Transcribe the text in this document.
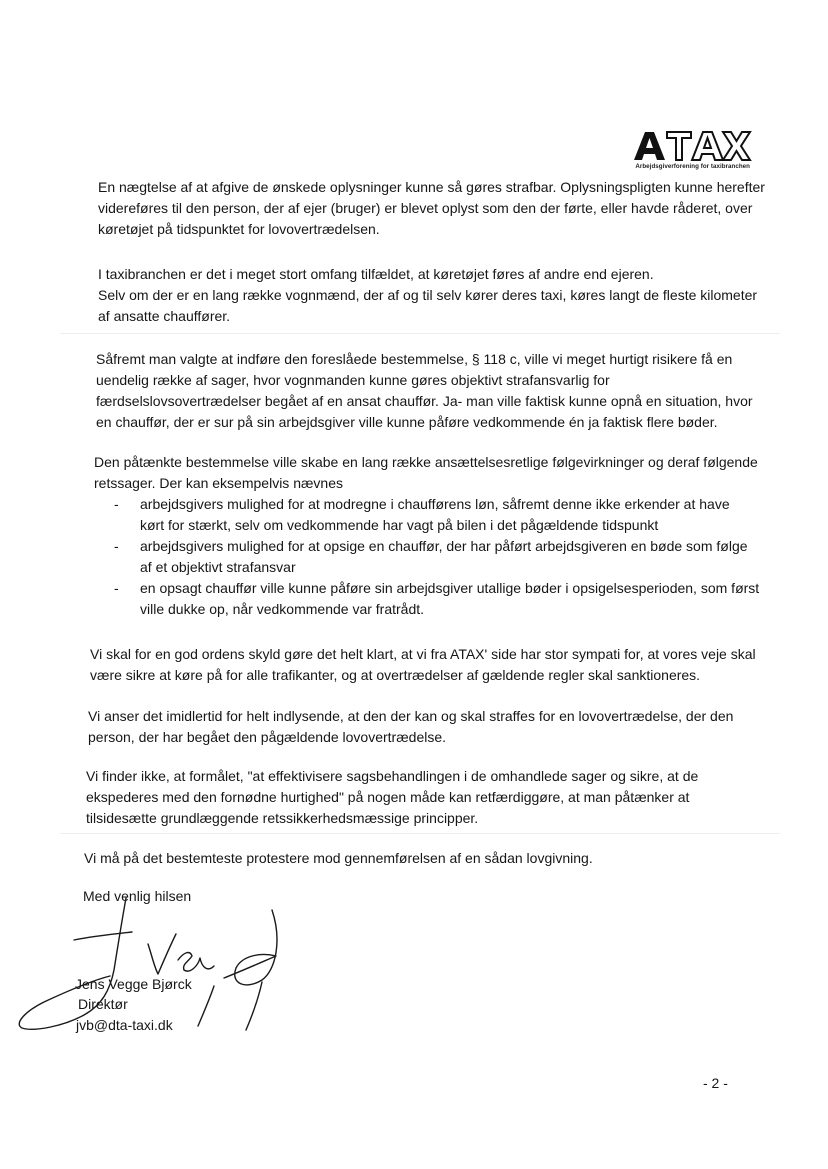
Arbejdsgiverforening for taxibranchen

En nægtelse af at afgive de ønskede oplysninger kunne så gøres strafbar. Oplysningspligten kunne herefter
videreføres til den person, der af ejer (bruger) er blevet oplyst som den der førte, eller havde råderet, over
køretøjet på tidspunktet for lovovertrædelsen.

I taxibranchen er det i meget stort omfang tilfældet, at køretøjet føres af andre end ejeren.
Selv om der er en lang række vognmænd, der af og til selv kører deres taxi, køres langt de fleste kilometer
af ansatte chauffører.

Såfremt man valgte at indføre den foreslåede bestemmelse, § 118 c, ville vi meget hurtigt risikere få en
uendelig række af sager, hvor vognmanden kunne gøres objektivt strafansvarlig for
færdselslovsovertrædelser begået af en ansat chauffør. Ja- man ville faktisk kunne opnå en situation, hvor
en chauffør, der er sur på sin arbejdsgiver ville kunne påføre vedkommende én ja faktisk flere bøder.

Den påtænkte bestemmelse ville skabe en lang række ansættelsesretlige følgevirkninger og deraf følgende
retssager. Der kan eksempelvis nævnes

- arbejdsgivers mulighed for at modregne i chaufførens løn, såfremt denne ikke erkender at have
kørt for stærkt, selv om vedkommende har vagt på bilen i det pågældende tidspunkt
- arbejdsgivers mulighed for at opsige en chauffør, der har påført arbejdsgiveren en bøde som følge
af et objektivt strafansvar
- en opsagt chauffør ville kunne påføre sin arbejdsgiver utallige bøder i opsigelsesperioden, som først
ville dukke op, når vedkommende var fratrådt.

Vi skal for en god ordens skyld gøre det helt klart, at vi fra ATAX' side har stor sympati for, at vores veje skal
være sikre at køre på for alle trafikanter, og at overtrædelser af gældende regler skal sanktioneres.

Vi anser det imidlertid for helt indlysende, at den der kan og skal straffes for en lovovertrædelse, der den
person, der har begået den pågældende lovovertrædelse.

Vi finder ikke, at formålet, "at effektivisere sagsbehandlingen i de omhandlede sager og sikre, at de
ekspederes med den fornødne hurtighed" på nogen måde kan retfærdiggøre, at man påtænker at
tilsidesætte grundlæggende retssikkerhedsmæssige principper.

Vi må på det bestemteste protestere mod gennemførelsen af en sådan lovgivning.

Med venlig hilsen
Jens Vegge Bjørck
Direktør
jvb@dta-taxi.dk
- 2 -
